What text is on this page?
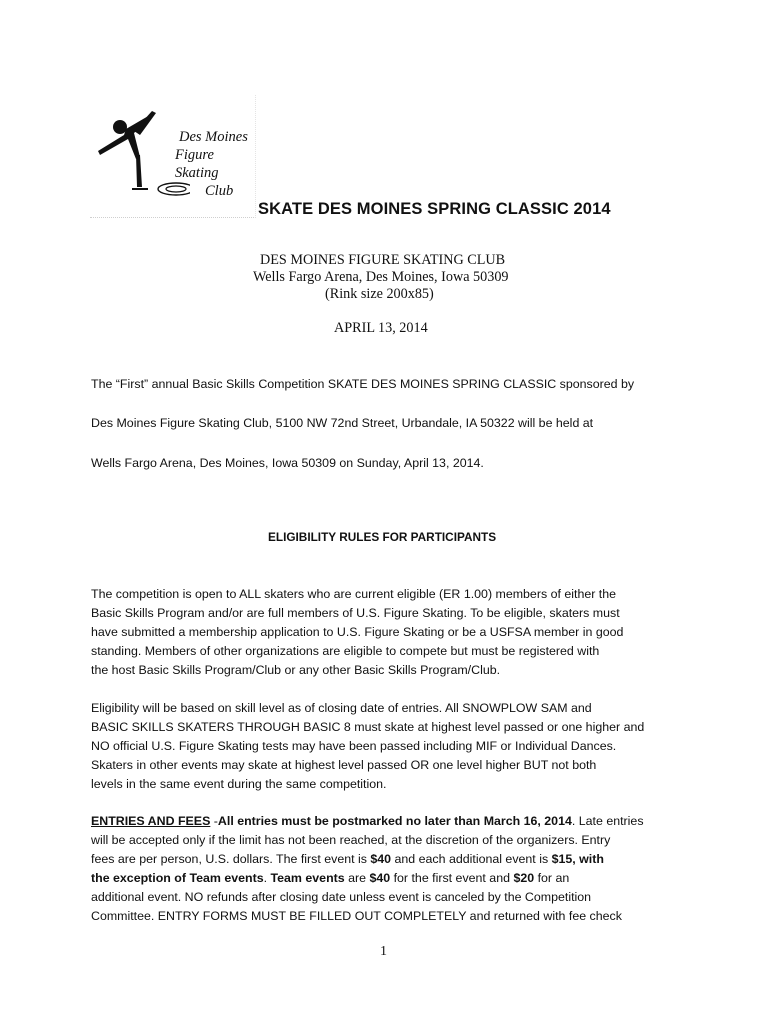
Des Moines
Figure Skating
Club

SKATE DES MOINES SPRING CLASSIC 2014

DES MOINES FIGURE SKATING CLUB

Wells Fargo Arena, Des Moines, Iowa 50309

(Rink size 200x85)

APRIL 13, 2014

The “First” annual Basic Skills Competition SKATE DES MOINES SPRING CLASSIC sponsored by

Des Moines Figure Skating Club, 5100 NW 72nd Street, Urbandale, IA 50322 will be held at

Wells Fargo Arena, Des Moines, Iowa 50309 on Sunday, April 13, 2014.

ELIGIBILITY RULES FOR PARTICIPANTS

The competition is open to ALL skaters who are current eligible (ER 1.00) members of either the
Basic Skills Program and/or are full members of U.S. Figure Skating. To be eligible, skaters must
have submitted a membership application to U.S. Figure Skating or be a USFSA member in good
standing. Members of other organizations are eligible to compete but must be registered with
the host Basic Skills Program/Club or any other Basic Skills Program/Club.
Eligibility will be based on skill level as of closing date of entries. All SNOWPLOW SAM and
BASIC SKILLS SKATERS THROUGH BASIC 8 must skate at highest level passed or one higher and
NO official U.S. Figure Skating tests may have been passed including MIF or Individual Dances.
Skaters in other events may skate at highest level passed OR one level higher BUT not both
levels in the same event during the same competition.
ENTRIES AND FEES -All entries must be postmarked no later than March 16, 2014. Late entries
will be accepted only if the limit has not been reached, at the discretion of the organizers. Entry
fees are per person, U.S. dollars. The first event is $40 and each additional event is $15, with
the exception of Team events. Team events are $40 for the first event and $20 for an
additional event. NO refunds after closing date unless event is canceled by the Competition
Committee. ENTRY FORMS MUST BE FILLED OUT COMPLETELY and returned with fee check

1
